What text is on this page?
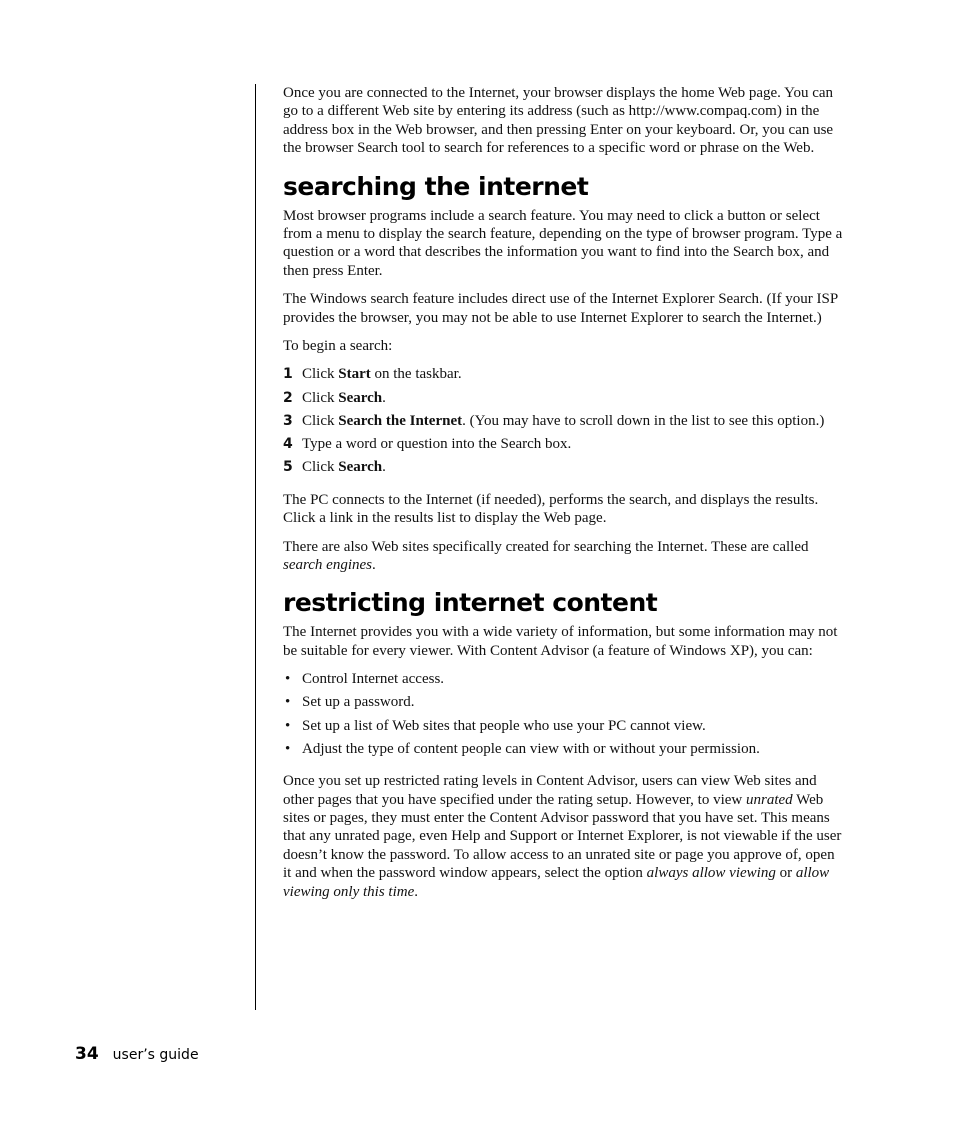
Once you are connected to the Internet, your browser displays the home Web page. You can go to a different Web site by entering its address (such as http://www.compaq.com) in the address box in the Web browser, and then pressing Enter on your keyboard. Or, you can use the browser Search tool to search for references to a specific word or phrase on the Web.

searching the internet

Most browser programs include a search feature. You may need to click a button or select from a menu to display the search feature, depending on the type of browser program. Type a question or a word that describes the information you want to find into the Search box, and then press Enter.

The Windows search feature includes direct use of the Internet Explorer Search. (If your ISP provides the browser, you may not be able to use Internet Explorer to search the Internet.)

To begin a search:

1 Click Start on the taskbar.
2 Click Search.
3 Click Search the Internet. (You may have to scroll down in the list to see this option.)
4 Type a word or question into the Search box.
5 Click Search.

The PC connects to the Internet (if needed), performs the search, and displays the results. Click a link in the results list to display the Web page.

There are also Web sites specifically created for searching the Internet. These are called search engines.

restricting internet content

The Internet provides you with a wide variety of information, but some information may not be suitable for every viewer. With Content Advisor (a feature of Windows XP), you can:

• Control Internet access.
• Set up a password.
• Set up a list of Web sites that people who use your PC cannot view.
• Adjust the type of content people can view with or without your permission.

Once you set up restricted rating levels in Content Advisor, users can view Web sites and other pages that you have specified under the rating setup. However, to view unrated Web sites or pages, they must enter the Content Advisor password that you have set. This means that any unrated page, even Help and Support or Internet Explorer, is not viewable if the user doesn’t know the password. To allow access to an unrated site or page you approve of, open it and when the password window appears, select the option always allow viewing or allow viewing only this time.

34 user’s guide
